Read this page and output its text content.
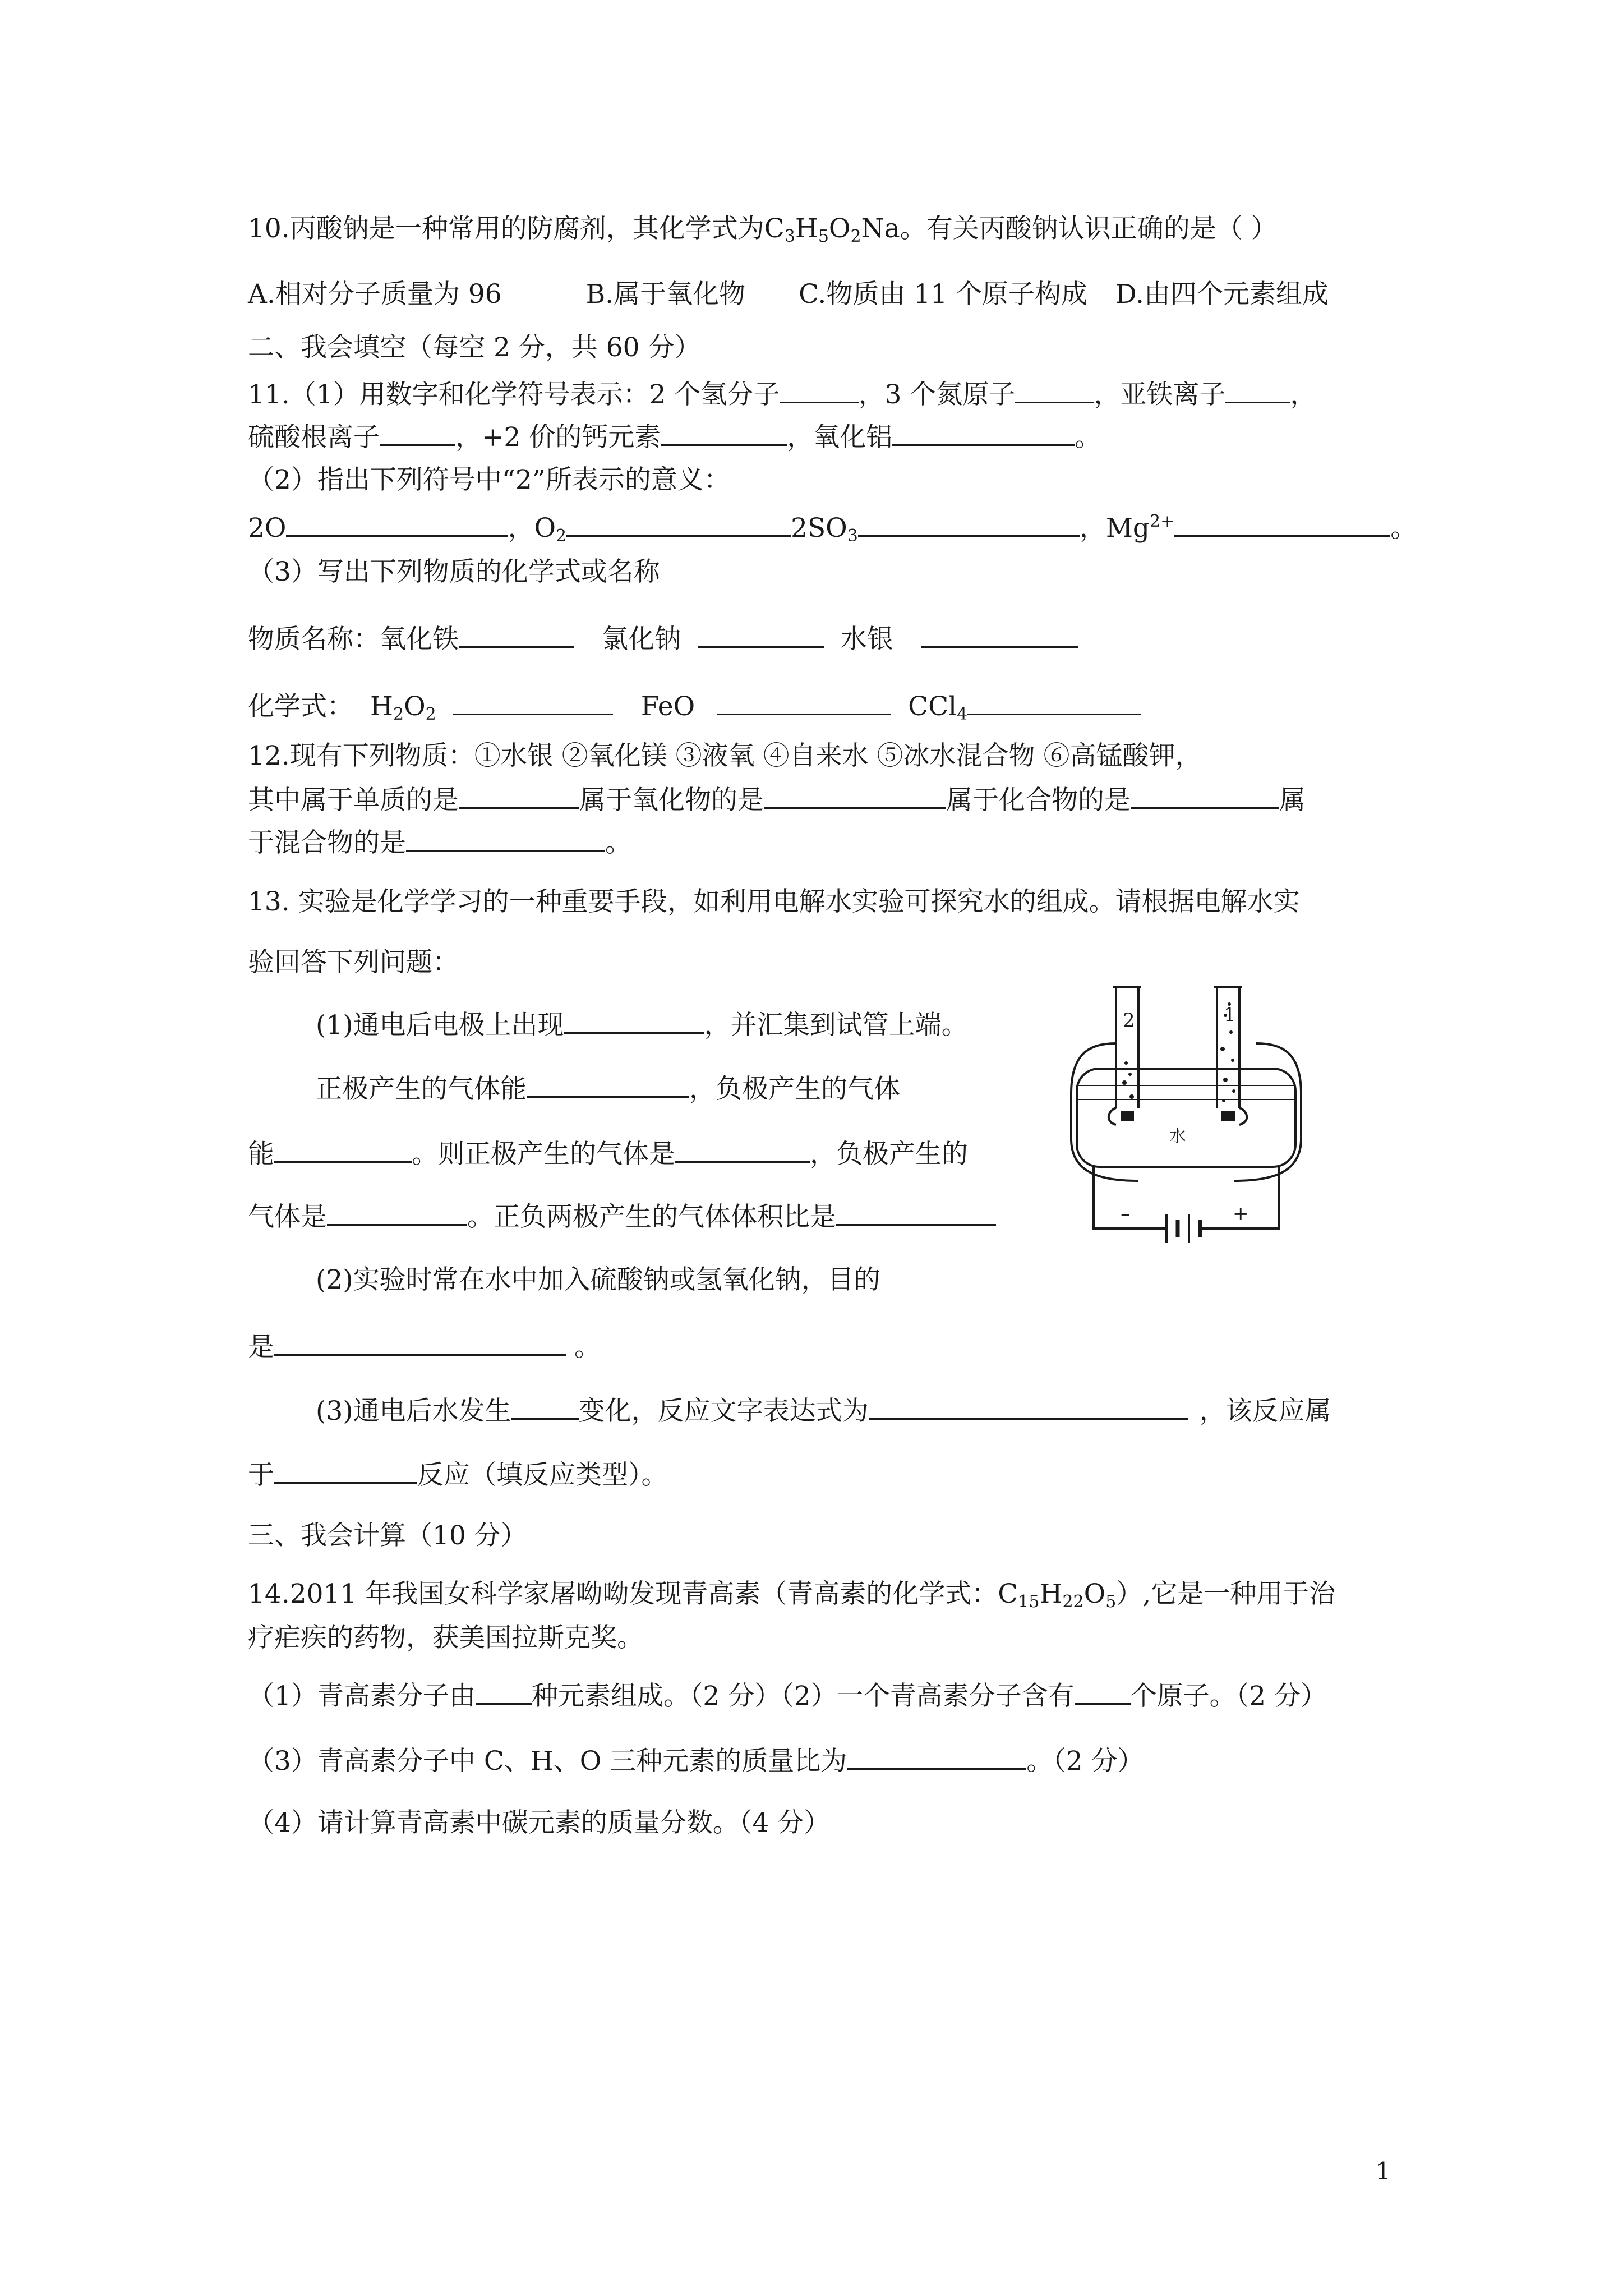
10.丙酸钠是一种常用的防腐剂，其化学式为$C_3H_5O_2Na$。有关丙酸钠认识正确的是（ ）
A.相对分子质量为 96	B.属于氧化物 C.物质由 11 个原子构成 D.由四个元素组成
二、我会填空（每空 2 分，共 60 分）
11.（1）用数字和化学符号表示：2 个氢分子	，3 个氮原子	，亚铁离子 ，
硫酸根离子	，+2 价的钙元素	，氧化铝	。
（2）指出下列符号中“2”所表示的意义：
2O	，$O_2$	$2SO_3$	，$Mg^{2+}$	。
（3）写出下列物质的化学式或名称
物质名称：氧化铁	氯化钠	水银
化学式： $H_2O_2$	FeO	CCl$_4$
12.现有下列物质：①水银 ②氧化镁 ③液氧 ④自来水 ⑤冰水混合物 ⑥高锰酸钾，
其中属于单质的是	属于氧化物的是	属于化合物的是	属
于混合物的是	。
13. 实验是化学学习的一种重要手段，如利用电解水实验可探究水的组成。请根据电解水实
验回答下列问题：
(1)通电后电极上出现	，并汇集到试管上端。
正极产生的气体能	，负极产生的气体
能	。则正极产生的气体是	，负极产生的
气体是	。正负两极产生的气体体积比是
(2)实验时常在水中加入硫酸钠或氢氧化钠，目的
是	。
(3)通电后水发生	变化，反应文字表达式为	，该反应属
于	反应（填反应类型）。
2	1
水
–	+
三、我会计算（10 分）
14.2011 年我国女科学家屠呦呦发现青高素（青高素的化学式：$C_{15}H_{22}O_5$）,它是一种用于治
疗疟疾的药物，获美国拉斯克奖。
（1）青高素分子由 种元素组成。（2 分）（2）一个青高素分子含有 个原子。（2 分）
（3）青高素分子中 C、H、O 三种元素的质量比为	。（2 分）
（4）请计算青高素中碳元素的质量分数。（4 分）
1
